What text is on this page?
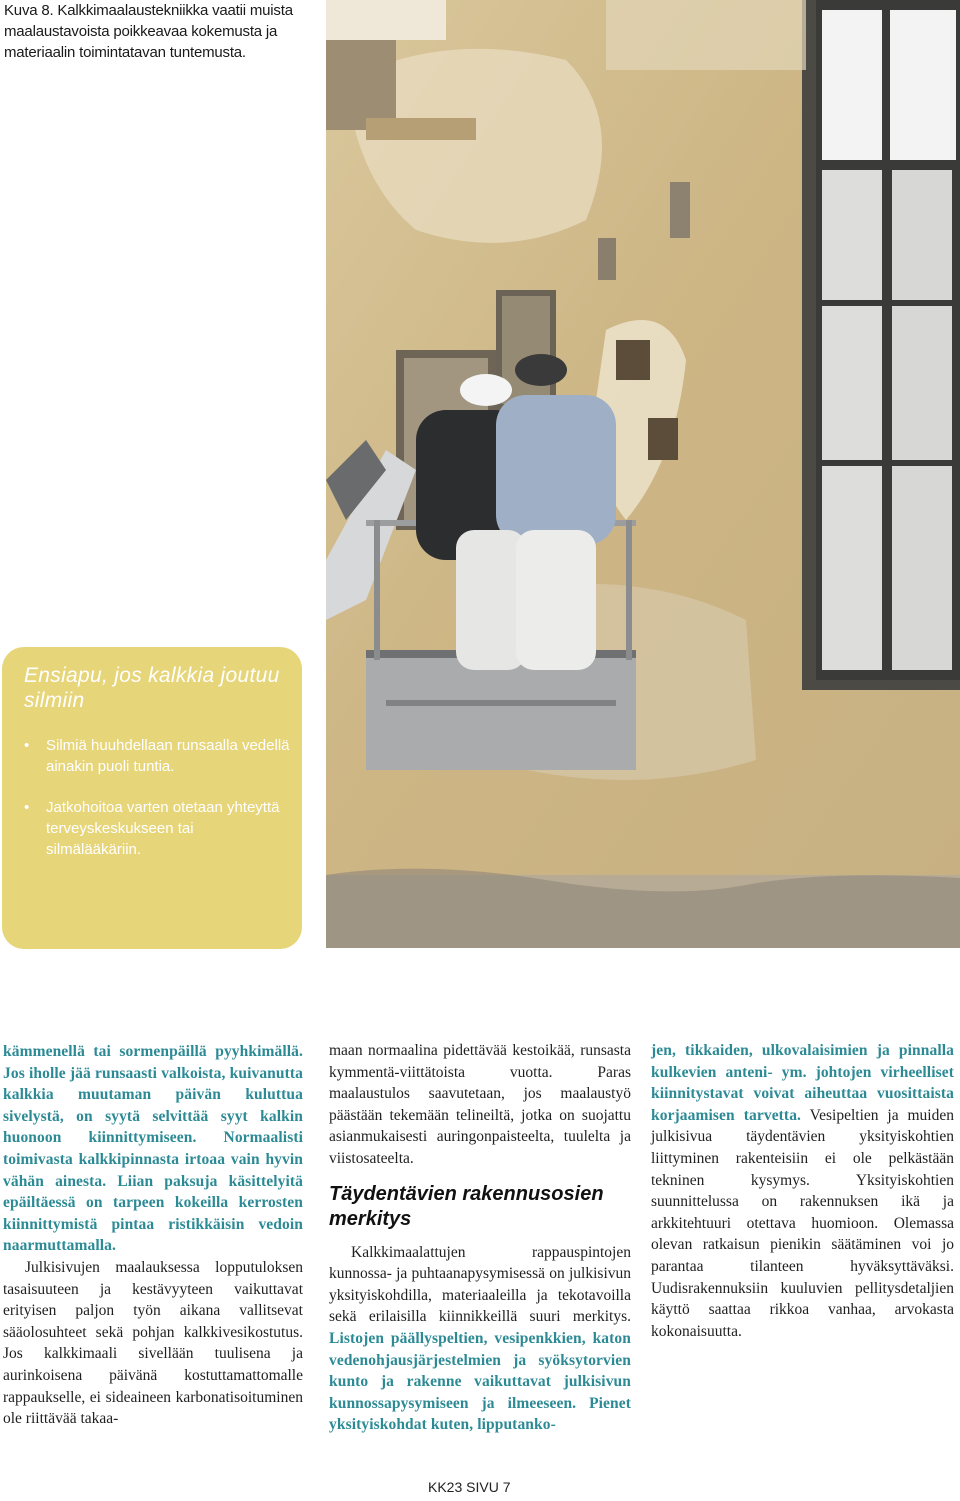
Kuva 8. Kalkkimaalaustekniikka vaatii muista maalaustavoista poikkeavaa kokemusta ja materiaalin toimintatavan tuntemusta.
Ensiapu, jos kalkkia joutuu silmiin
• Silmiä huuhdellaan runsaalla vedellä ainakin puoli tuntia.
• Jatkohoitoa varten otetaan yhteyttä terveyskeskukseen tai silmälääkäriin.

kämmenellä tai sormenpäillä pyyhkimällä. Jos iholle jää runsaasti valkoista, kuivanutta kalkkia muutaman päivän kuluttua sivelystä, on syytä selvittää syyt kalkin huonoon kiinnittymiseen. Normaalisti toimivasta kalkkipinnasta irtoaa vain hyvin vähän ainesta. Liian paksuja käsittelyitä epäiltäessä on tarpeen kokeilla kerrosten kiinnittymistä pintaa ristikkäisin vedoin naarmuttamalla.

Julkisivujen maalauksessa lopputuloksen tasaisuuteen ja kestävyyteen vaikuttavat erityisen paljon työn aikana vallitsevat sääolosuhteet sekä pohjan kalkkivesikostutus. Jos kalkkimaali sivellään tuulisena ja aurinkoisena päivänä kostuttamattomalle rappaukselle, ei sideaineen karbonatisoituminen ole riittävää takaa-

maan normaalina pidettävää kestoikää, runsasta kymmentä-viittätoista vuotta. Paras maalaustulos saavutetaan, jos maalaustyö päästään tekemään telineiltä, jotka on suojattu asianmukaisesti auringonpaisteelta, tuulelta ja viistosateelta.

Täydentävien rakennusosien merkitys

Kalkkimaalattujen rappauspintojen kunnossa- ja puhtaanapysymisessä on julkisivun yksityiskohdilla, materiaaleilla ja tekotavoilla sekä erilaisilla kiinnikkeillä suuri merkitys. Listojen päällyspeltien, vesipenkkien, katon vedenohjausjärjestelmien ja syöksytorvien kunto ja rakenne vaikuttavat julkisivun kunnossapysymiseen ja ilmeeseen. Pienet yksityiskohdat kuten, lipputanko-

jen, tikkaiden, ulkovalaisimien ja pinnalla kulkevien anteni- ym. johtojen virheelliset kiinnitystavat voivat aiheuttaa vuosittaista korjaamisen tarvetta. Vesipeltien ja muiden julkisivua täydentävien yksityiskohtien liittyminen rakenteisiin ei ole pelkästään tekninen kysymys. Yksityiskohtien suunnittelussa on rakennuksen ikä ja arkkitehtuuri otettava huomioon. Olemassa olevan ratkaisun pienikin säätäminen voi jo parantaa tilanteen hyväksyttäväksi. Uudisrakennuksiin kuuluvien pellitysdetaljien käyttö saattaa rikkoa vanhaa, arvokasta kokonaisuutta.

KK23 SIVU 7
